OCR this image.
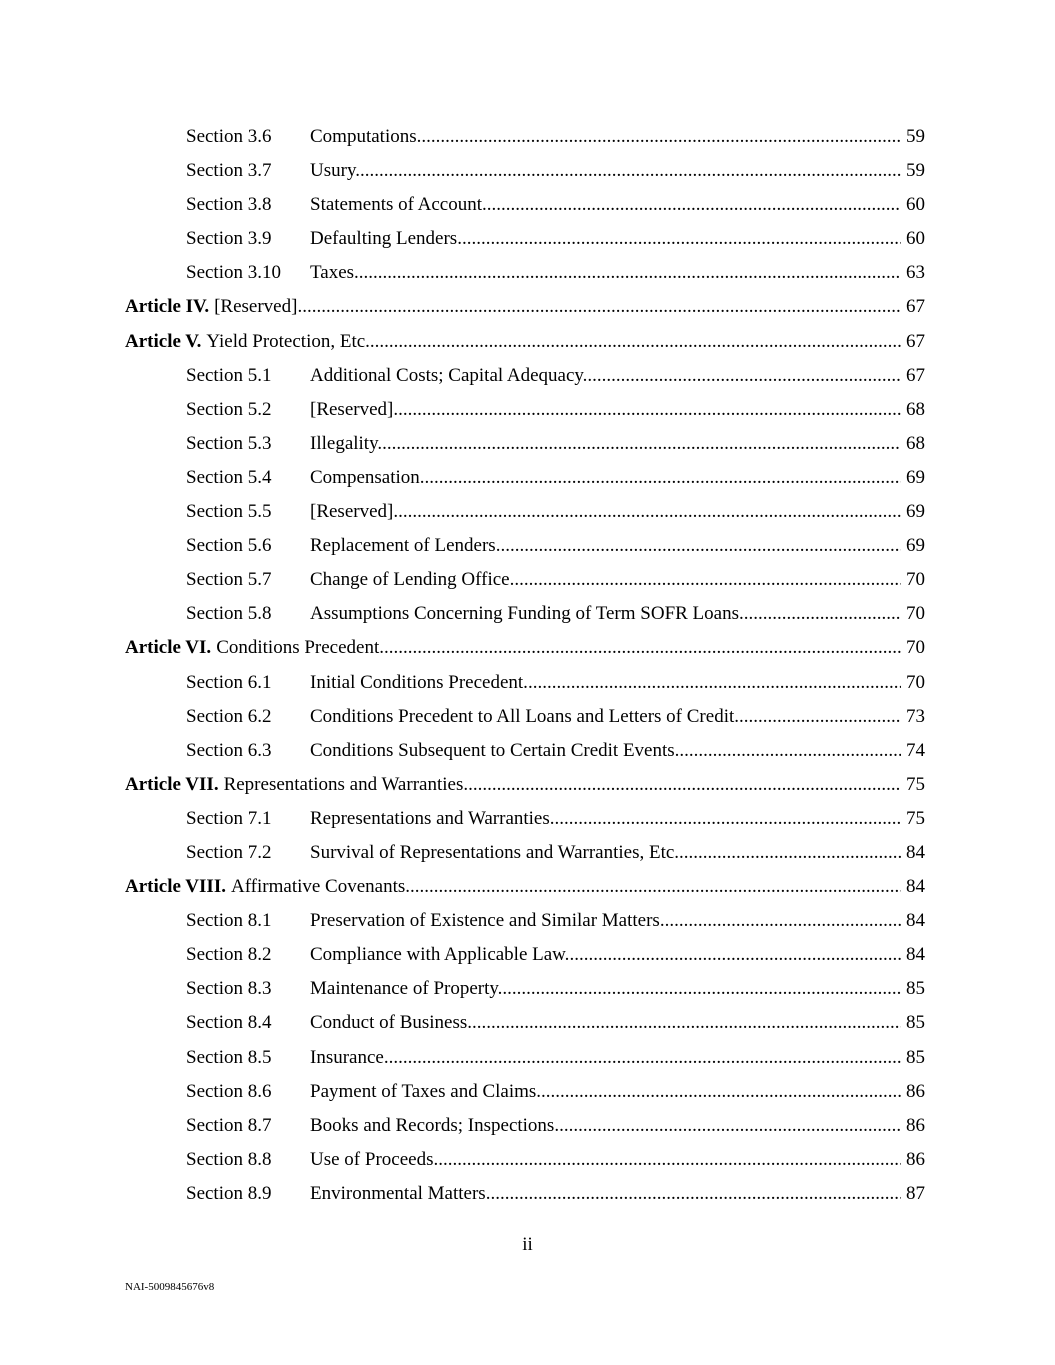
Section 3.6	Computations. .....	59
Section 3.7	Usury. .....	59
Section 3.8	Statements of Account. .....	60
Section 3.9	Defaulting Lenders. .....	60
Section 3.10	Taxes. .....	63
Article IV. [Reserved] .....	67
Article V. Yield Protection, Etc. .....	67
Section 5.1	Additional Costs; Capital Adequacy. .....	67
Section 5.2	[Reserved]. .....	68
Section 5.3	Illegality. .....	68
Section 5.4	Compensation. .....	69
Section 5.5	[Reserved]. .....	69
Section 5.6	Replacement of Lenders. .....	69
Section 5.7	Change of Lending Office. .....	70
Section 5.8	Assumptions Concerning Funding of Term SOFR Loans. .....	70
Article VI. Conditions Precedent .....	70
Section 6.1	Initial Conditions Precedent. .....	70
Section 6.2	Conditions Precedent to All Loans and Letters of Credit. .....	73
Section 6.3	Conditions Subsequent to Certain Credit Events. .....	74
Article VII. Representations and Warranties .....	75
Section 7.1	Representations and Warranties. .....	75
Section 7.2	Survival of Representations and Warranties, Etc. .....	84
Article VIII. Affirmative Covenants .....	84
Section 8.1	Preservation of Existence and Similar Matters. .....	84
Section 8.2	Compliance with Applicable Law. .....	84
Section 8.3	Maintenance of Property. .....	85
Section 8.4	Conduct of Business. .....	85
Section 8.5	Insurance. .....	85
Section 8.6	Payment of Taxes and Claims. .....	86
Section 8.7	Books and Records; Inspections. .....	86
Section 8.8	Use of Proceeds. .....	86
Section 8.9	Environmental Matters. .....	87
ii
NAI-5009845676v8
